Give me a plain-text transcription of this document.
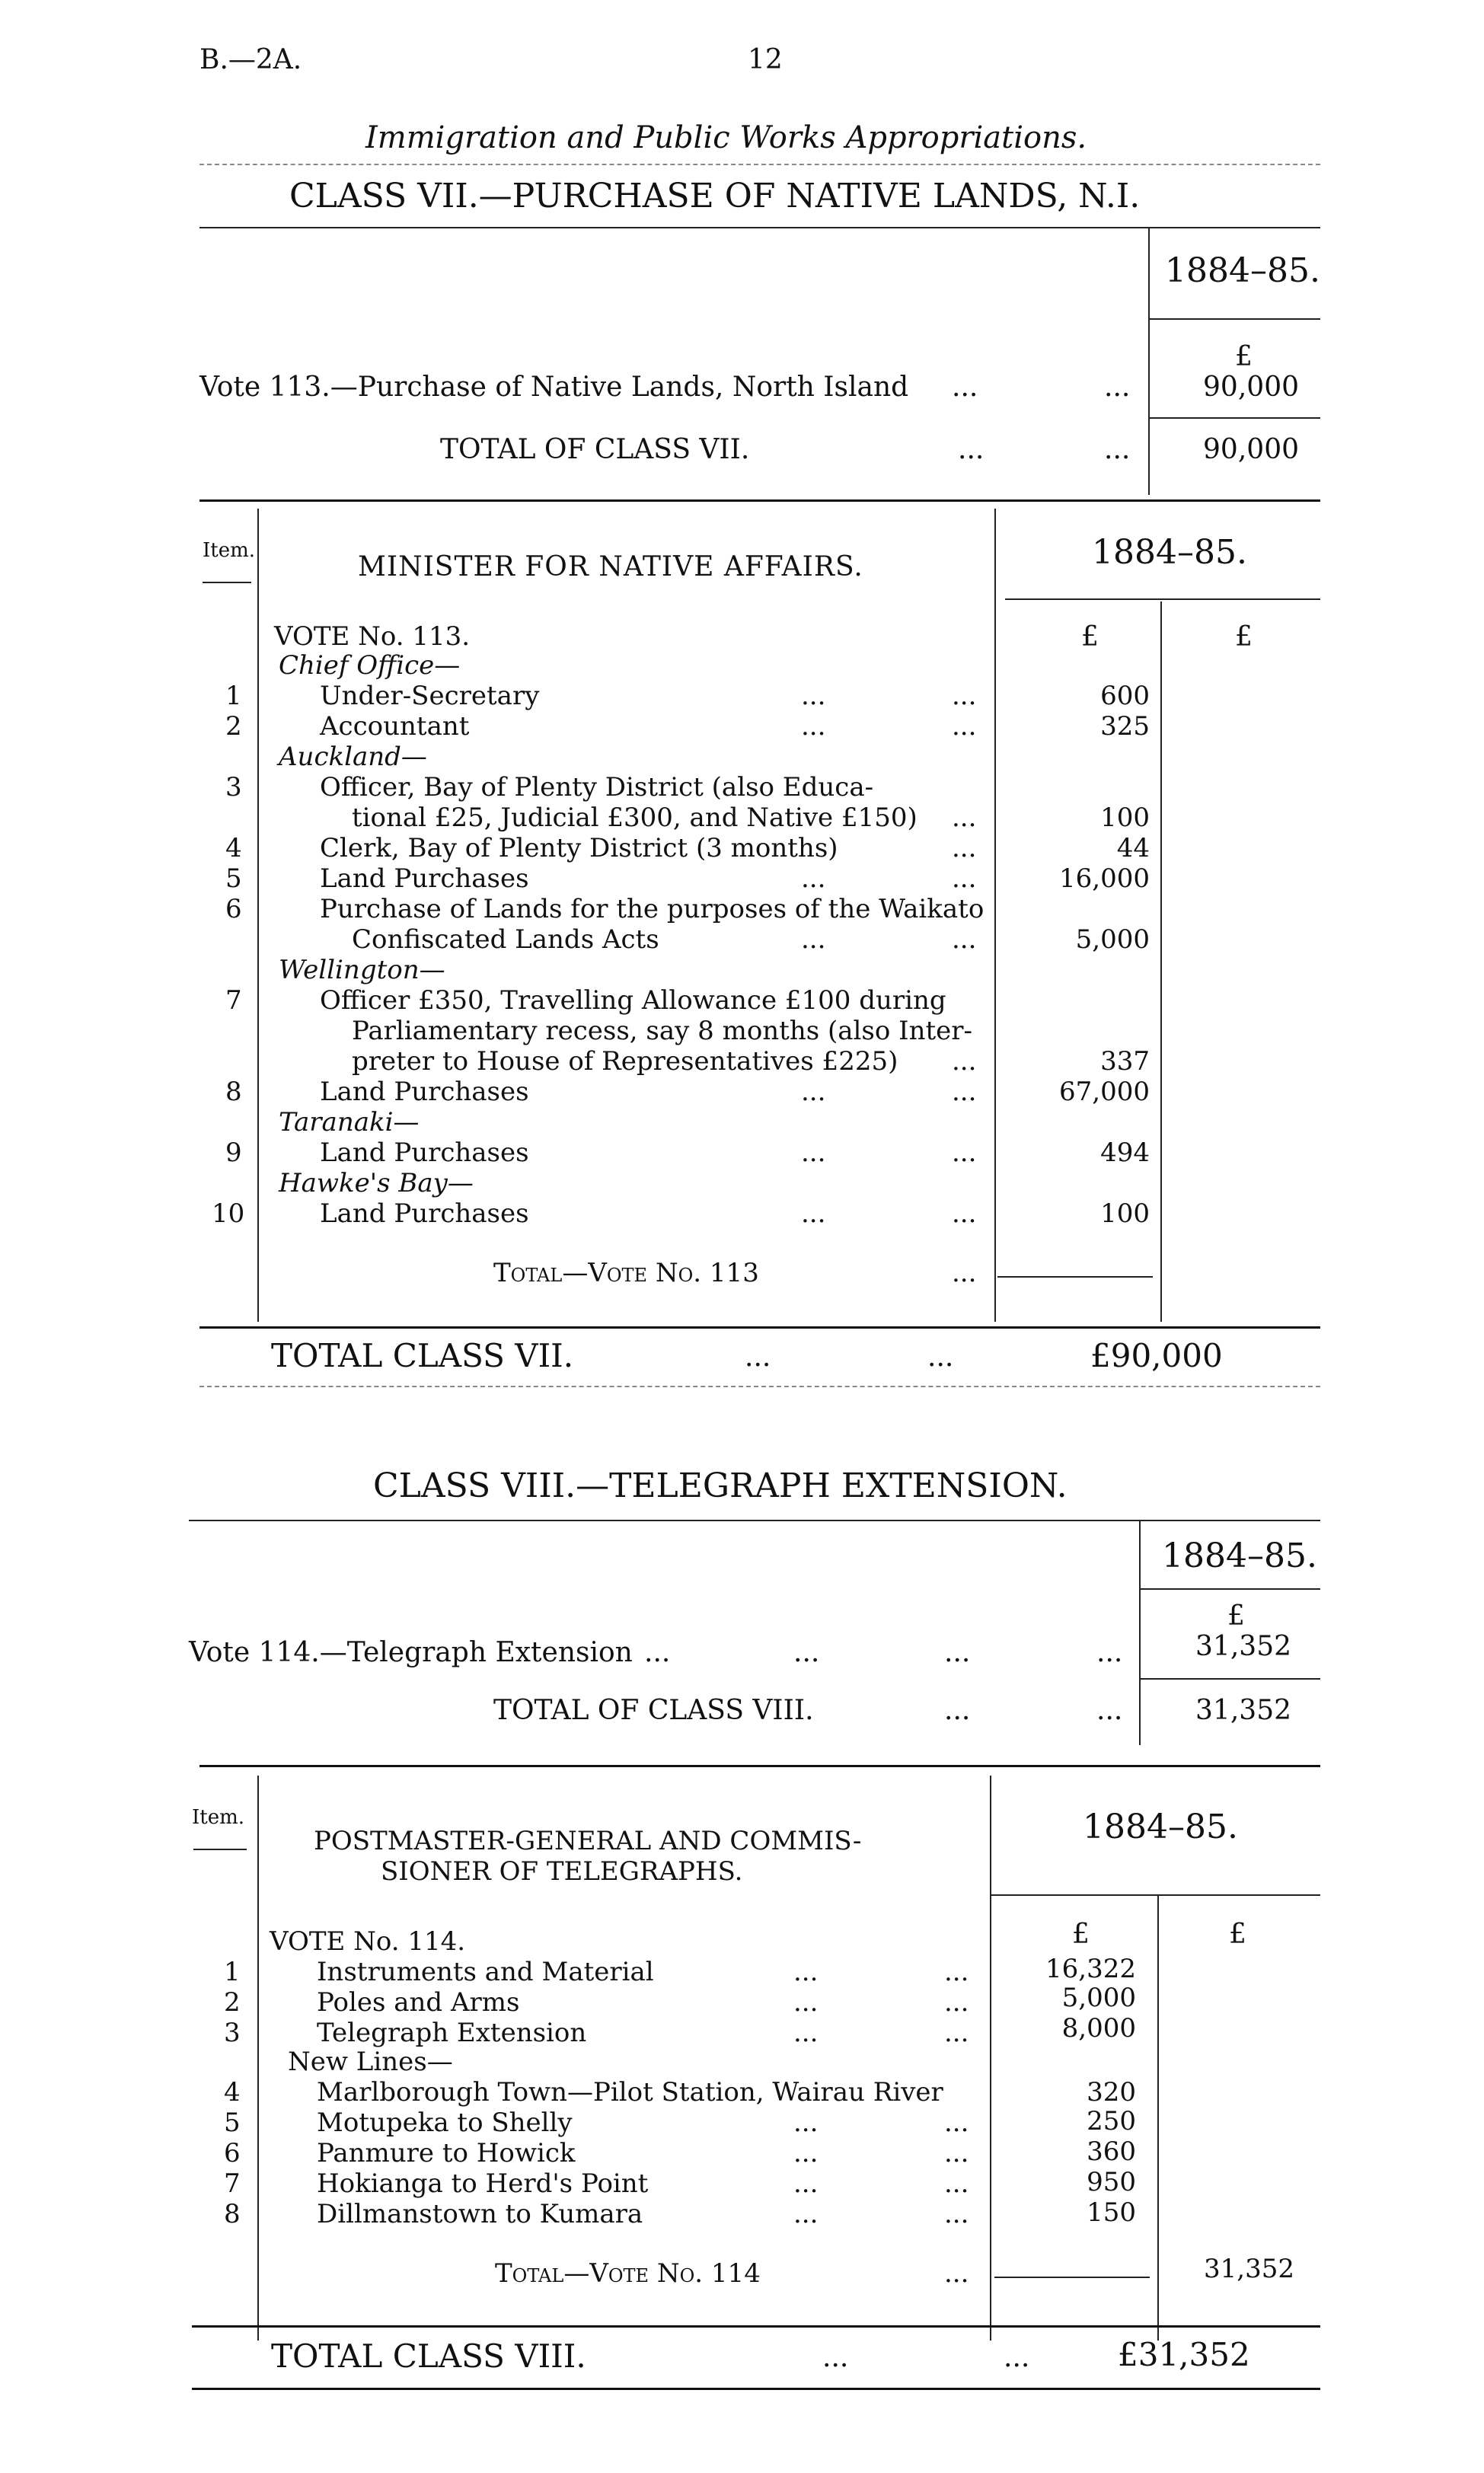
B.—2A.	12
Immigration and Public Works Appropriations.
CLASS VII.—PURCHASE OF NATIVE LANDS, N.I.
1884–85.
£
Vote 113.—Purchase of Native Lands, North Island ...	...	90,000
TOTAL OF CLASS VII.	...	...	90,000
Item.
MINISTER FOR NATIVE AFFAIRS.	1884–85.
£	£
VOTE No. 113.
Chief Office—
1	Under-Secretary	...	...	600
2	Accountant	...	...	325
Auckland—
3	Officer, Bay of Plenty District (also Educa-
tional £25, Judicial £300, and Native £150) ...	100
4	Clerk, Bay of Plenty District (3 months)	...	44
5	Land Purchases	...	...	16,000
6	Purchase of Lands for the purposes of the Waikato
Confiscated Lands Acts	...	...	5,000
Wellington—
7	Officer £350, Travelling Allowance £100 during
Parliamentary recess, say 8 months (also Inter-
preter to House of Representatives £225) ...	337
8	Land Purchases	...	...	67,000
Taranaki—
9	Land Purchases	...	...	494
Hawke's Bay—
10	Land Purchases	...	...	100
Total—Vote No. 113	...
TOTAL CLASS VII.	...	...	£90,000
CLASS VIII.—TELEGRAPH EXTENSION.
1884–85.
£
Vote 114.—Telegraph Extension ...	...	...	...	31,352
TOTAL OF CLASS VIII.	...	...	31,352
Item.
POSTMASTER-GENERAL AND COMMIS-
SIONER OF TELEGRAPHS.
1884–85.
£	£
VOTE No. 114.
1	Instruments and Material	...	...	16,322
2	Poles and Arms	...	...	5,000
3	Telegraph Extension	...	...	8,000
New Lines—
4	Marlborough Town—Pilot Station, Wairau River	320
5	Motupeka to Shelly	...	...	250
6	Panmure to Howick	...	...	360
7	Hokianga to Herd's Point	...	...	950
8	Dillmanstown to Kumara	...	...	150
Total—Vote No. 114	...	31,352
TOTAL CLASS VIII.	...	...	£31,352
